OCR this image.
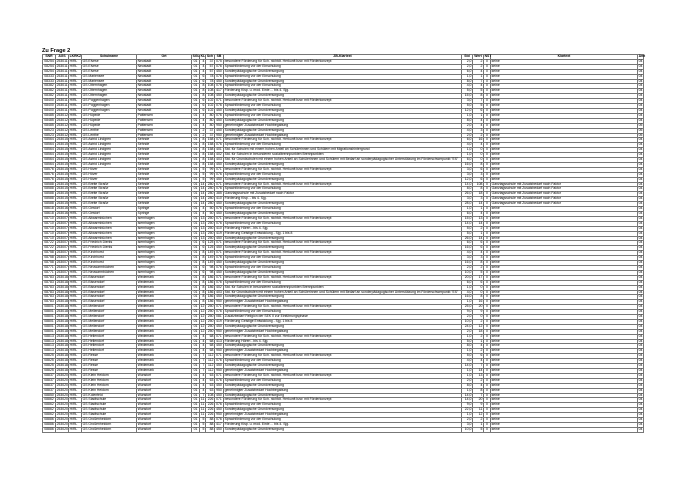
Zu Frage 2
SNR	AGS	LKRKZ	Schulname	Ort	SGL	KL	Sch	SB	ZB-Klartext	Std	Wert	NST	Klartext	Amt
08254	253011	H/RL	GS Elvese	Neustadt	01	4	37	075	besondere Förderung für Sch. nichtdt. Herkunft bzw. mit Förderkonzept	2,0	2	0	keine	04
08254	253011	H/RL	GS Elvese	Neustadt	01	4	57	076	Sprachförderung vor der Einschulung	2,0	2	0	keine	04
08254	253011	H/RL	GS Elvese	Neustadt	01	4	57	450	Sonderpädagogische Grundversorgung	6,0	4	0	keine	04
08333	253011	H/RL	GS Mariensee	Neustadt	01	6	78	076	Sprachförderung vor der Einschulung	1,0	1	0	keine	04
08333	253011	H/RL	GS Mariensee	Neustadt	01	6	78	450	Sonderpädagogische Grundversorgung	8,0	7	0	keine	04
08382	253011	H/RL	GS Otternhagen	Neustadt	01	8	108	076	Sprachförderung vor der Einschulung	4,0	4	0	keine	04
08382	253011	H/RL	GS Otternhagen	Neustadt	01	8	108	417	Förderung Klsp. u. mod. Einle ... bis 4. Sjg.	5,0	5	0	keine	04
08382	253011	H/RL	GS Otternhagen	Neustadt	01	8	108	450	Sonderpädagogische Grundversorgung	15,0	8	0	keine	04
08400	253011	H/RL	GS Poggenhagen	Neustadt	01	6	102	071	besondere Förderung für Sch. nichtdt. Herkunft bzw. mit Förderkonzept	3,0	7	0	keine	04
08400	253011	H/RL	GS Poggenhagen	Neustadt	01	6	102	076	Sprachförderung vor der Einschulung	5,0	5	0	keine	04
08400	253011	H/RL	GS Poggenhagen	Neustadt	01	6	102	450	Sonderpädagogische Grundversorgung	12,0	6	0	keine	04
08485	253012	H/RL	GS Hüpede	Pattensen	01	4	80	076	Sprachförderung vor der Einschulung	1,0	1	0	keine	04
08485	253012	H/RL	GS Hüpede	Pattensen	01	4	80	450	Sonderpädagogische Grundversorgung	8,0	4	0	keine	04
08485	253012	H/RL	GS Hüpede	Pattensen	01	4	80	950	genehmigter Zusatzbedarf Hochbegabung	2,0	4	0	keine	05
08523	253012	H/RL	GS Lenthe	Pattensen	01	2	37	450	Sonderpädagogische Grundversorgung	4,0	3	0	keine	05
08523	253012	H/RL	GS Lenthe	Pattensen	01	2	37	950	genehmigter Zusatzbedarf Hochbegabung	2,0	2	0	keine	05
08564	253015	H/RL	GS Astrid Lindgren	Sehnde	01	8	158	071	besondere Förderung für Sch. nichtdt. Herkunft bzw. mit Förderkonzept	6,0	16	0	keine	04
08564	253015	H/RL	GS Astrid Lindgren	Sehnde	01	8	158	076	Sprachförderung vor der Einschulung	4,0	4	0	keine	04
08564	253015	H/RL	GS Astrid Lindgren	Sehnde	01	8	158	401	Std. für Schulen mit einem hohen Anteil an Schülerinnen und Schülern mit Migrationshintergrund	1,0	0	0	keine	04
08564	253015	H/RL	GS Astrid Lindgren	Sehnde	01	8	158	402	Std. für Schulen in besonderen sozialbrennpunkten Brennpunkten	1,0	0	0	keine	04
08564	253015	H/RL	GS Astrid Lindgren	Sehnde	01	8	158	403	Std. für Grundschulen mit einem hohen Anteil an Schülerinnen und Schülern mit Bedarf an sonderpädagogischer Unterstützung im Förderschwerpunkt "ES"	6,0	0	0	keine	04
08564	253015	H/RL	GS Astrid Lindgren	Sehnde	01	8	158	450	Sonderpädagogische Grundversorgung	16,0	8	0	keine	04
08576	253015	H/RL	GS Höver	Sehnde	01	5	99	071	besondere Förderung für Sch. nichtdt. Herkunft bzw. mit Förderkonzept	3,0	6	0	keine	04
08576	253015	H/RL	GS Höver	Sehnde	01	5	99	076	Sprachförderung vor der Einschulung	3,0	3	0	keine	04
08576	253015	H/RL	GS Höver	Sehnde	01	5	99	450	Sonderpädagogische Grundversorgung	12,0	6	0	keine	04
08588	253015	H/RL	GS Breite Straße	Sehnde	01	14	280	071	besondere Förderung für Sch. nichtdt. Herkunft bzw. mit Förderkonzept	14,0	108	0	Ganztagsschule mit Zusatzbedarf nach Faktor	04
08588	253015	H/RL	GS Breite Straße	Sehnde	01	14	280	076	Sprachförderung vor der Einschulung	8,0	8	0	Ganztagsschule mit Zusatzbedarf nach Faktor	04
08588	253015	H/RL	GS Breite Straße	Sehnde	01	14	280	385	Ganztagsschule mit Zusatzbedarf nach Faktor	26,0	18	0	Ganztagsschule mit Zusatzbedarf nach Faktor	04
08588	253015	H/RL	GS Breite Straße	Sehnde	01	14	280	410	Förderung Klsp. - bis 4. Sjg.	3,0	3	0	Ganztagsschule mit Zusatzbedarf nach Faktor	04
08588	253015	H/RL	GS Breite Straße	Sehnde	01	14	280	450	Sonderpädagogische Grundversorgung	28,0	14	0	Ganztagsschule mit Zusatzbedarf nach Faktor	04
08618	253016	H/RL	GS Gestorf	Springe	01	4	50	076	Sprachförderung vor der Einschulung	1,0	1	0	keine	04
08618	253016	H/RL	GS Gestorf	Springe	01	4	50	450	Sonderpädagogische Grundversorgung	6,0	4	0	keine	04
08710	253007	H/RL	GS Altwarmbüchen	Isernhagen	01	13	250	071	besondere Förderung für Sch. nichtdt. Herkunft bzw. mit Förderkonzept	15,0	13	0	keine	04
08710	253007	H/RL	GS Altwarmbüchen	Isernhagen	01	13	250	076	Sprachförderung vor der Einschulung	14,0	14	0	keine	04
08710	253007	H/RL	GS Altwarmbüchen	Isernhagen	01	13	250	410	Förderung Hören - bis 4. Sjg.	5,0	2	0	keine	04
08710	253007	H/RL	GS Altwarmbüchen	Isernhagen	01	13	250	419	Förderung Geistige Entwicklung - Sjg. 1 bis 8	5,0	1	0	keine	04
08710	253007	H/RL	GS Altwarmbüchen	Isernhagen	01	13	250	450	Sonderpädagogische Grundversorgung	26,0	14	0	keine	04
08722	253007	H/RL	GS Friedrich Dierks	Isernhagen	01	6	125	071	besondere Förderung für Sch. nichtdt. Herkunft bzw. mit Förderkonzept	6,0	6	0	keine	04
08722	253007	H/RL	GS Friedrich Dierks	Isernhagen	01	6	125	450	Sonderpädagogische Grundversorgung	16,0	6	0	keine	04
08758	253007	H/RL	GS Kirchhorst	Isernhagen	01	8	149	071	besondere Förderung für Sch. nichtdt. Herkunft bzw. mit Förderkonzept	4,0	4	0	keine	04
08758	253007	H/RL	GS Kirchhorst	Isernhagen	01	8	149	076	Sprachförderung vor der Einschulung	3,0	3	0	keine	04
08758	253007	H/RL	GS Kirchhorst	Isernhagen	01	8	149	450	Sonderpädagogische Grundversorgung	16,0	8	0	keine	04
08771	253007	H/RL	GS Neuwarmbüchen	Isernhagen	01	6	98	076	Sprachförderung vor der Einschulung	2,0	2	0	keine	04
08771	253007	H/RL	GS Neuwarmbüchen	Isernhagen	01	6	98	450	Sonderpädagogische Grundversorgung	10,0	5	0	keine	04
08783	253018	H/RL	GS Bissendorf	Wedemark	01	8	186	071	besondere Förderung für Sch. nichtdt. Herkunft bzw. mit Förderkonzept	20,0	17	0	keine	04
08783	253018	H/RL	GS Bissendorf	Wedemark	01	8	186	076	Sprachförderung vor der Einschulung	6,0	6	0	keine	04
08783	253018	H/RL	GS Bissendorf	Wedemark	01	8	186	402	Std. für Schulen in besonderen sozialbrennpunkten Brennpunkten	1,0	0	0	keine	04
08783	253018	H/RL	GS Bissendorf	Wedemark	01	8	186	403	Std. für Grundschulen mit einem hohen Anteil an Schülerinnen und Schülern mit Bedarf an sonderpädagogischer Unterstützung im Förderschwerpunkt "ES"	4,0	0	0	keine	04
08783	253018	H/RL	GS Bissendorf	Wedemark	01	8	186	450	Sonderpädagogische Grundversorgung	16,0	8	0	keine	04
08783	253018	H/RL	GS Bissendorf	Wedemark	01	8	186	950	genehmigter Zusatzbedarf Hochbegabung	1,0	16	0	keine	04
08801	253018	H/RL	GS Mellendorf	Wedemark	01	12	250	071	besondere Förderung für Sch. nichtdt. Herkunft bzw. mit Förderkonzept	25,0	20	0	keine	04
08801	253018	H/RL	GS Mellendorf	Wedemark	01	12	250	076	Sprachförderung vor der Einschulung	9,0	9	0	keine	04
08801	253018	H/RL	GS Mellendorf	Wedemark	01	12	250	081	Zusatzbedarf Religion der SEK II zur Einführungsphase	2,0	0	0	keine	04
08801	253018	H/RL	GS Mellendorf	Wedemark	01	12	250	419	Förderung Geistige Entwicklung - Sjg. 1 bis 8	10,0	2	0	keine	04
08801	253018	H/RL	GS Mellendorf	Wedemark	01	12	250	450	Sonderpädagogische Grundversorgung	24,0	12	0	keine	04
08801	253018	H/RL	GS Mellendorf	Wedemark	01	12	250	950	genehmigter Zusatzbedarf Hochbegabung	2,0	18	0	keine	04
08813	253018	H/RL	GS Hellendorf	Wedemark	01	4	68	071	besondere Förderung für Sch. nichtdt. Herkunft bzw. mit Förderkonzept	1,0	2	0	keine	04
08813	253018	H/RL	GS Hellendorf	Wedemark	01	4	68	413	Förderung Hören - bis 4. Sjg.	5,0	1	0	keine	04
08813	253018	H/RL	GS Hellendorf	Wedemark	01	4	68	450	Sonderpädagogische Grundversorgung	8,0	4	0	keine	04
08813	253018	H/RL	GS Hellendorf	Wedemark	01	4	68	950	genehmigter Zusatzbedarf Hochbegabung	1,0	2	0	keine	04
08825	253018	H/RL	GS Resse	Wedemark	01	7	112	071	besondere Förderung für Sch. nichtdt. Herkunft bzw. mit Förderkonzept	5,0	6	0	keine	04
08825	253018	H/RL	GS Resse	Wedemark	01	7	112	076	Sprachförderung vor der Einschulung	4,0	4	0	keine	04
08825	253018	H/RL	GS Resse	Wedemark	01	7	112	450	Sonderpädagogische Grundversorgung	14,0	7	0	keine	04
08825	253018	H/RL	GS Resse	Wedemark	01	7	112	950	genehmigter Zusatzbedarf Hochbegabung	1,0	14	0	keine	04
08837	253020	H/RL	GS Klein Heidorn	Wunstorf	01	4	63	071	besondere Förderung für Sch. nichtdt. Herkunft bzw. mit Förderkonzept	1,0	13	0	keine	04
08837	253020	H/RL	GS Klein Heidorn	Wunstorf	01	4	63	076	Sprachförderung vor der Einschulung	2,0	2	0	keine	04
08837	253020	H/RL	GS Klein Heidorn	Wunstorf	01	4	63	450	Sonderpädagogische Grundversorgung	8,0	4	0	keine	04
08837	253020	H/RL	GS Klein Heidorn	Wunstorf	01	4	63	950	genehmigter Zusatzbedarf Hochbegabung	1,0	8	0	keine	04
08850	253020	H/RL	GS Kolenfeld	Wunstorf	01	7	108	450	Sonderpädagogische Grundversorgung	14,0	7	0	keine	04
08862	253020	H/RL	GS Stadtschule	Wunstorf	01	11	226	071	besondere Förderung für Sch. nichtdt. Herkunft bzw. mit Förderkonzept	14,0	20	0	keine	04
08862	253020	H/RL	GS Stadtschule	Wunstorf	01	11	226	076	Sprachförderung vor der Einschulung	9,0	9	0	keine	04
08862	253020	H/RL	GS Stadtschule	Wunstorf	01	11	226	450	Sonderpädagogische Grundversorgung	22,0	11	0	keine	04
08862	253020	H/RL	GS Stadtschule	Wunstorf	01	11	226	950	genehmigter Zusatzbedarf Hochbegabung	1,0	12	0	keine	04
08886	253020	H/RL	GS Großenheidorn	Wunstorf	01	5	88	076	Sprachförderung vor der Einschulung	2,0	2	0	keine	04
08886	253020	H/RL	GS Großenheidorn	Wunstorf	01	5	88	417	Förderung Klsp. u. mod. Einle ... bis 4. Sjg.	3,0	1	0	keine	04
08886	253020	H/RL	GS Großenheidorn	Wunstorf	01	5	88	450	Sonderpädagogische Grundversorgung	10,0	5	0	keine	04
